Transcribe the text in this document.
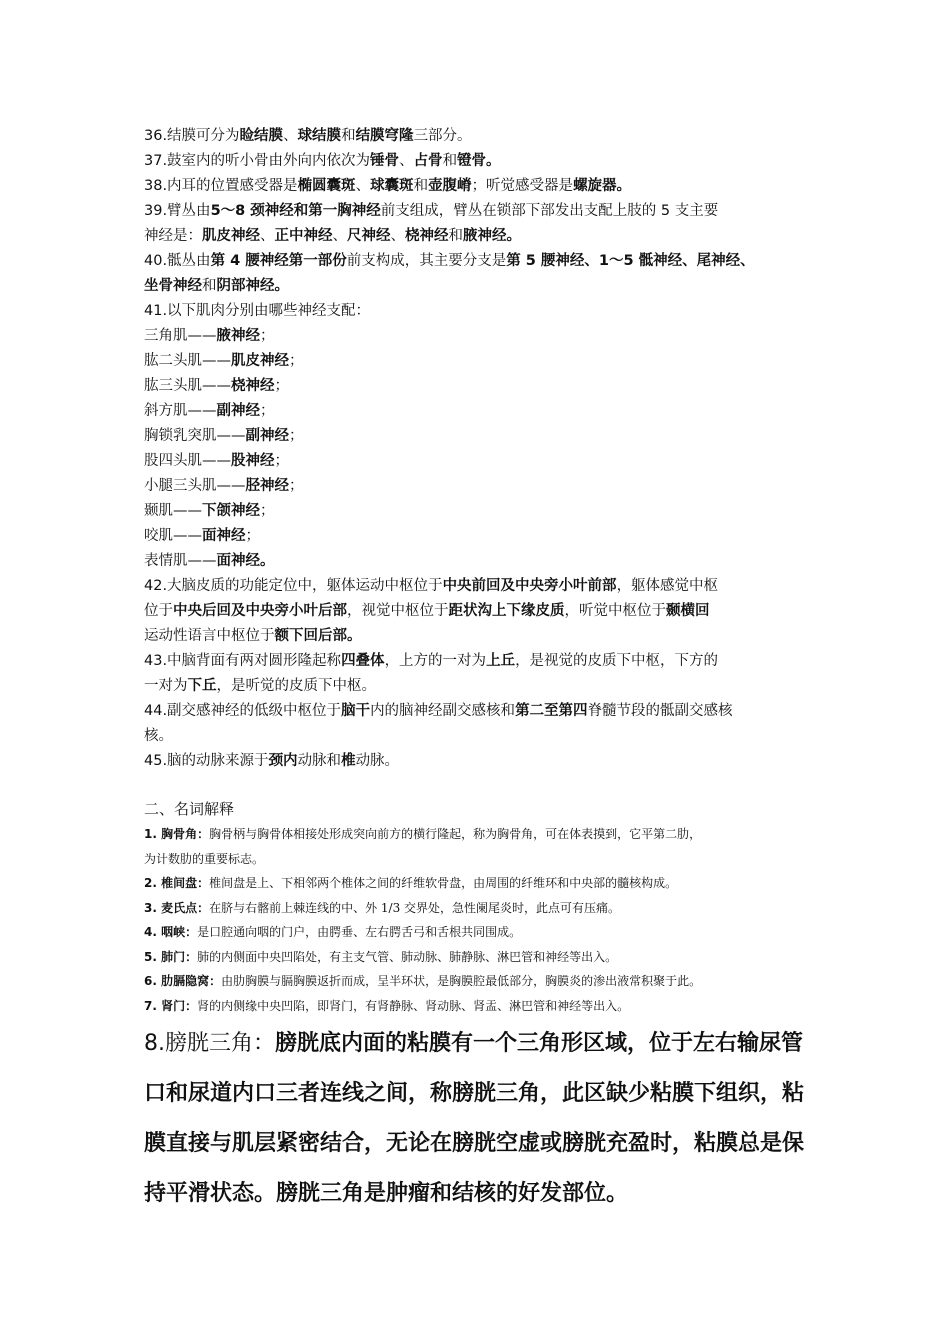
36.结膜可分为睑结膜、球结膜和结膜穹隆三部分。
37.鼓室内的听小骨由外向内依次为锤骨、占骨和镫骨。
38.内耳的位置感受器是椭圆囊斑、球囊斑和壶腹嵴；听觉感受器是螺旋器。
39.臂丛由5～8 颈神经和第一胸神经前支组成，臂丛在锁部下部发出支配上肢的 5 支主要
神经是：肌皮神经、正中神经、尺神经、桡神经和腋神经。
40.骶丛由第 4 腰神经第一部份前支构成，其主要分支是第 5 腰神经、1～5 骶神经、尾神经、
坐骨神经和阴部神经。
41.以下肌肉分别由哪些神经支配：
三角肌——腋神经；
肱二头肌——肌皮神经；
肱三头肌——桡神经；
斜方肌——副神经；
胸锁乳突肌——副神经；
股四头肌——股神经；
小腿三头肌——胫神经；
颞肌——下颌神经；
咬肌——面神经；
表情肌——面神经。
42.大脑皮质的功能定位中，躯体运动中枢位于中央前回及中央旁小叶前部，躯体感觉中枢
位于中央后回及中央旁小叶后部，视觉中枢位于距状沟上下缘皮质，听觉中枢位于颞横回
运动性语言中枢位于额下回后部。
43.中脑背面有两对圆形隆起称四叠体，上方的一对为上丘，是视觉的皮质下中枢，下方的
一对为下丘，是听觉的皮质下中枢。
44.副交感神经的低级中枢位于脑干内的脑神经副交感核和第二至第四脊髓节段的骶副交感核
核。
45.脑的动脉来源于颈内动脉和椎动脉。
二、名词解释
1. 胸骨角：胸骨柄与胸骨体相接处形成突向前方的横行隆起，称为胸骨角，可在体表摸到，它平第二肋，
为计数肋的重要标志。
2. 椎间盘：椎间盘是上、下相邻两个椎体之间的纤维软骨盘，由周围的纤维环和中央部的髓核构成。
3. 麦氏点：在脐与右髂前上棘连线的中、外 1/3 交界处，急性阑尾炎时，此点可有压痛。
4. 咽峡：是口腔通向咽的门户，由腭垂、左右腭舌弓和舌根共同围成。
5. 肺门：肺的内侧面中央凹陷处，有主支气管、肺动脉、肺静脉、淋巴管和神经等出入。
6. 肋膈隐窝：由肋胸膜与膈胸膜返折而成，呈半环状，是胸膜腔最低部分，胸膜炎的渗出液常积聚于此。
7. 肾门：肾的内侧缘中央凹陷，即肾门，有肾静脉、肾动脉、肾盂、淋巴管和神经等出入。
8.膀胱三角：膀胱底内面的粘膜有一个三角形区域，位于左右输尿管
口和尿道内口三者连线之间，称膀胱三角，此区缺少粘膜下组织，粘
膜直接与肌层紧密结合，无论在膀胱空虚或膀胱充盈时，粘膜总是保
持平滑状态。膀胱三角是肿瘤和结核的好发部位。
